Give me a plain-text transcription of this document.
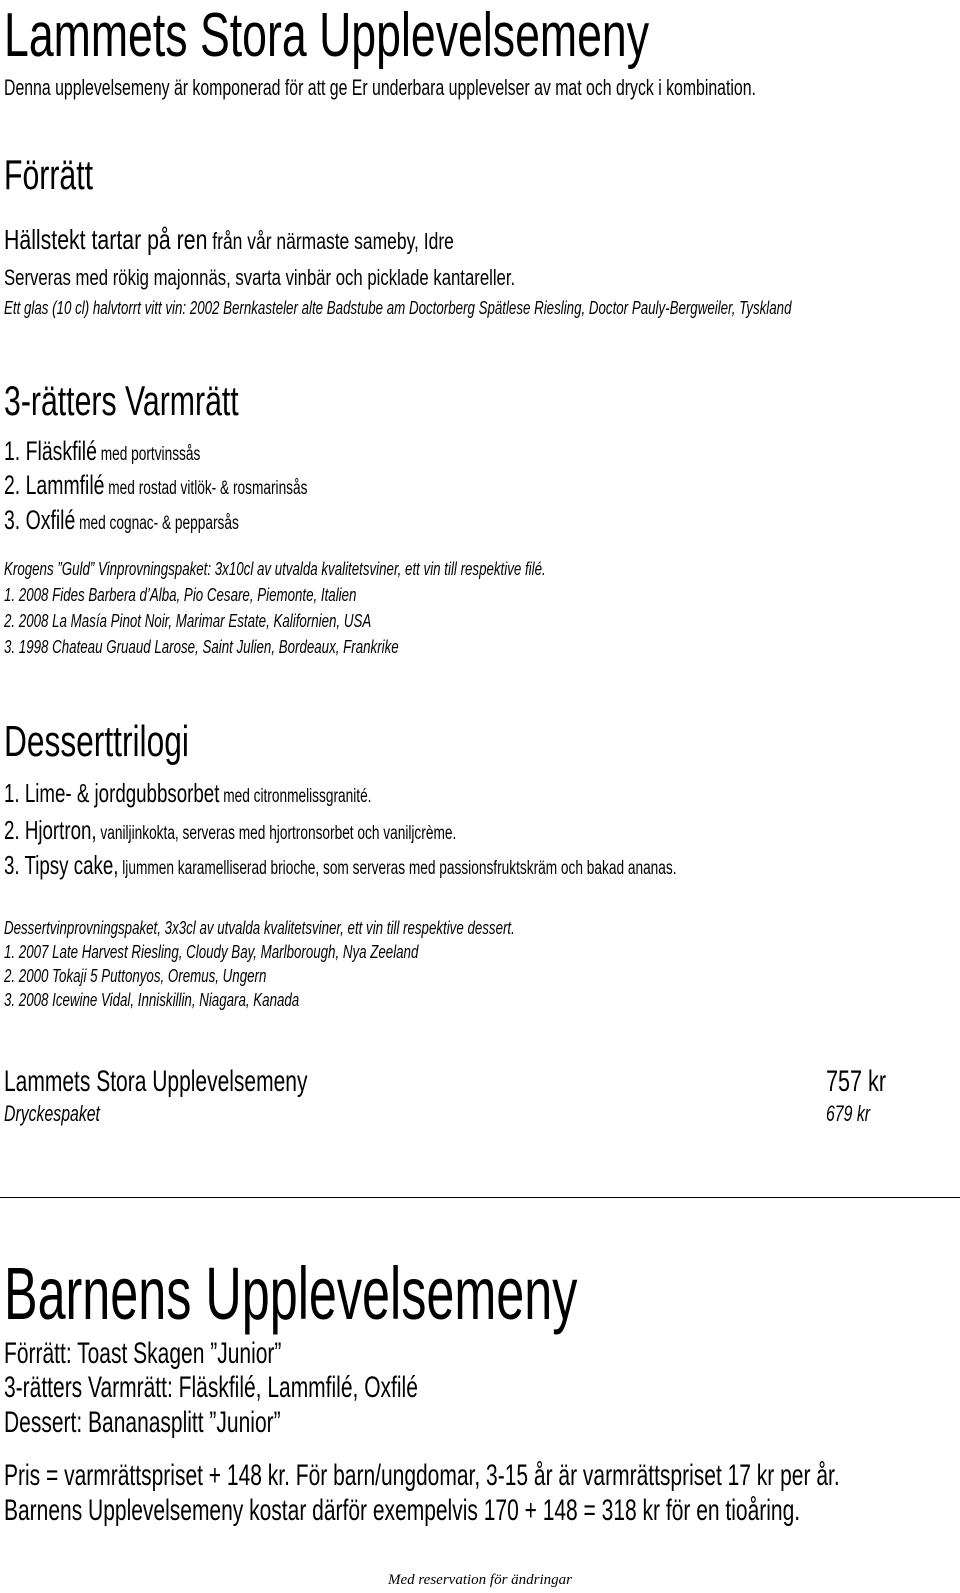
Lammets Stora Upplevelsemeny
Denna upplevelsemeny är komponerad för att ge Er underbara upplevelser av mat och dryck i kombination.
Förrätt
Hällstekt tartar på ren från vår närmaste sameby, Idre
Serveras med rökig majonnäs, svarta vinbär och picklade kantareller.
Ett glas (10 cl) halvtorrt vitt vin: 2002 Bernkasteler alte Badstube am Doctorberg Spätlese Riesling, Doctor Pauly-Bergweiler, Tyskland
3-rätters Varmrätt
1. Fläskfilé med portvinssås
2. Lammfilé med rostad vitlök- & rosmarinsås
3. Oxfilé med cognac- & pepparsås
Krogens ”Guld” Vinprovningspaket: 3x10cl av utvalda kvalitetsviner, ett vin till respektive filé.
1. 2008 Fides Barbera d’Alba, Pio Cesare, Piemonte, Italien
2. 2008 La Masía Pinot Noir, Marimar Estate, Kalifornien, USA
3. 1998 Chateau Gruaud Larose, Saint Julien, Bordeaux, Frankrike
Desserttrilogi
1. Lime- & jordgubbsorbet med citronmelissgranité.
2. Hjortron, vaniljinkokta, serveras med hjortronsorbet och vaniljcrème.
3. Tipsy cake, ljummen karamelliserad brioche, som serveras med passionsfruktskräm och bakad ananas.
Dessertvinprovningspaket, 3x3cl av utvalda kvalitetsviner, ett vin till respektive dessert.
1. 2007 Late Harvest Riesling, Cloudy Bay, Marlborough, Nya Zeeland
2. 2000 Tokaji 5 Puttonyos, Oremus, Ungern
3. 2008 Icewine Vidal, Inniskillin, Niagara, Kanada
Lammets Stora Upplevelsemeny	757 kr
Dryckespaket	679 kr
Barnens Upplevelsemeny
Förrätt: Toast Skagen ”Junior”
3-rätters Varmrätt: Fläskfilé, Lammfilé, Oxfilé
Dessert: Bananasplitt ”Junior”
Pris = varmrättspriset + 148 kr. För barn/ungdomar, 3-15 år är varmrättspriset 17 kr per år.
Barnens Upplevelsemeny kostar därför exempelvis 170 + 148 = 318 kr för en tioåring.
Med reservation för ändringar
